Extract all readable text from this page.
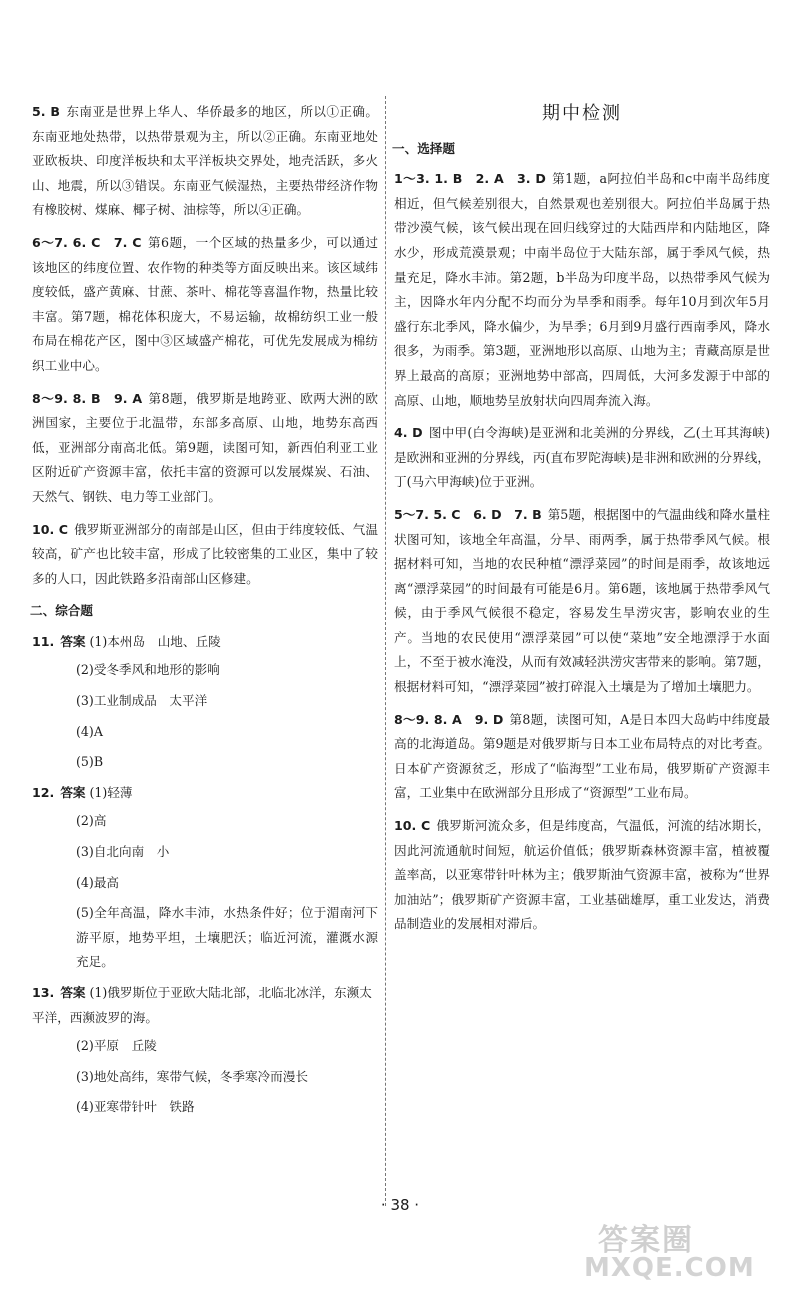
5. B 东南亚是世界上华人、华侨最多的地区，所以①正确。东南亚地处热带，以热带景观为主，所以②正确。东南亚地处亚欧板块、印度洋板块和太平洋板块交界处，地壳活跃，多火山、地震，所以③错误。东南亚气候湿热，主要热带经济作物有橡胶树、煤麻、椰子树、油棕等，所以④正确。

6～7. 6. C　7. C 第6题，一个区域的热量多少，可以通过该地区的纬度位置、农作物的种类等方面反映出来。该区域纬度较低，盛产黄麻、甘蔗、茶叶、棉花等喜温作物，热量比较丰富。第7题，棉花体积庞大，不易运输，故棉纺织工业一般布局在棉花产区，图中③区域盛产棉花，可优先发展成为棉纺织工业中心。

8～9. 8. B　9. A 第8题，俄罗斯是地跨亚、欧两大洲的欧洲国家，主要位于北温带，东部多高原、山地，地势东高西低，亚洲部分南高北低。第9题，读图可知，新西伯利亚工业区附近矿产资源丰富，依托丰富的资源可以发展煤炭、石油、天然气、钢铁、电力等工业部门。

10. C 俄罗斯亚洲部分的南部是山区，但由于纬度较低、气温较高，矿产也比较丰富，形成了比较密集的工业区，集中了较多的人口，因此铁路多沿南部山区修建。

二、综合题

11. 答案 (1)本州岛　山地、丘陵

(2)受冬季风和地形的影响

(3)工业制成品　太平洋

(4)A

(5)B

12. 答案 (1)轻薄

(2)高

(3)自北向南　小

(4)最高

(5)全年高温，降水丰沛，水热条件好；位于湄南河下游平原，地势平坦，土壤肥沃；临近河流，灌溉水源充足。

13. 答案 (1)俄罗斯位于亚欧大陆北部，北临北冰洋，东濒太平洋，西濒波罗的海。

(2)平原　丘陵

(3)地处高纬，寒带气候，冬季寒冷而漫长

(4)亚寒带针叶　铁路

期中检测
一、选择题

1～3. 1. B　2. A　3. D 第1题，a阿拉伯半岛和c中南半岛纬度相近，但气候差别很大，自然景观也差别很大。阿拉伯半岛属于热带沙漠气候，该气候出现在回归线穿过的大陆西岸和内陆地区，降水少，形成荒漠景观；中南半岛位于大陆东部，属于季风气候，热量充足，降水丰沛。第2题，b半岛为印度半岛，以热带季风气候为主，因降水年内分配不均而分为旱季和雨季。每年10月到次年5月盛行东北季风，降水偏少，为旱季；6月到9月盛行西南季风，降水很多，为雨季。第3题，亚洲地形以高原、山地为主；青藏高原是世界上最高的高原；亚洲地势中部高，四周低，大河多发源于中部的高原、山地，顺地势呈放射状向四周奔流入海。

4. D 图中甲(白令海峡)是亚洲和北美洲的分界线，乙(土耳其海峡)是欧洲和亚洲的分界线，丙(直布罗陀海峡)是非洲和欧洲的分界线，丁(马六甲海峡)位于亚洲。

5～7. 5. C　6. D　7. B 第5题，根据图中的气温曲线和降水量柱状图可知，该地全年高温，分旱、雨两季，属于热带季风气候。根据材料可知，当地的农民种植“漂浮菜园”的时间是雨季，故该地远离“漂浮菜园”的时间最有可能是6月。第6题，该地属于热带季风气候，由于季风气候很不稳定，容易发生旱涝灾害，影响农业的生产。当地的农民使用“漂浮菜园”可以使“菜地”安全地漂浮于水面上，不至于被水淹没，从而有效减轻洪涝灾害带来的影响。第7题，根据材料可知，“漂浮菜园”被打碎混入土壤是为了增加土壤肥力。

8～9. 8. A　9. D 第8题，读图可知，A是日本四大岛屿中纬度最高的北海道岛。第9题是对俄罗斯与日本工业布局特点的对比考查。日本矿产资源贫乏，形成了“临海型”工业布局，俄罗斯矿产资源丰富，工业集中在欧洲部分且形成了“资源型”工业布局。

10. C 俄罗斯河流众多，但是纬度高，气温低，河流的结冰期长，因此河流通航时间短，航运价值低；俄罗斯森林资源丰富，植被覆盖率高，以亚寒带针叶林为主；俄罗斯油气资源丰富，被称为“世界加油站”；俄罗斯矿产资源丰富，工业基础雄厚，重工业发达，消费品制造业的发展相对滞后。

· 38 ·
答案圈
MXQE.COM
